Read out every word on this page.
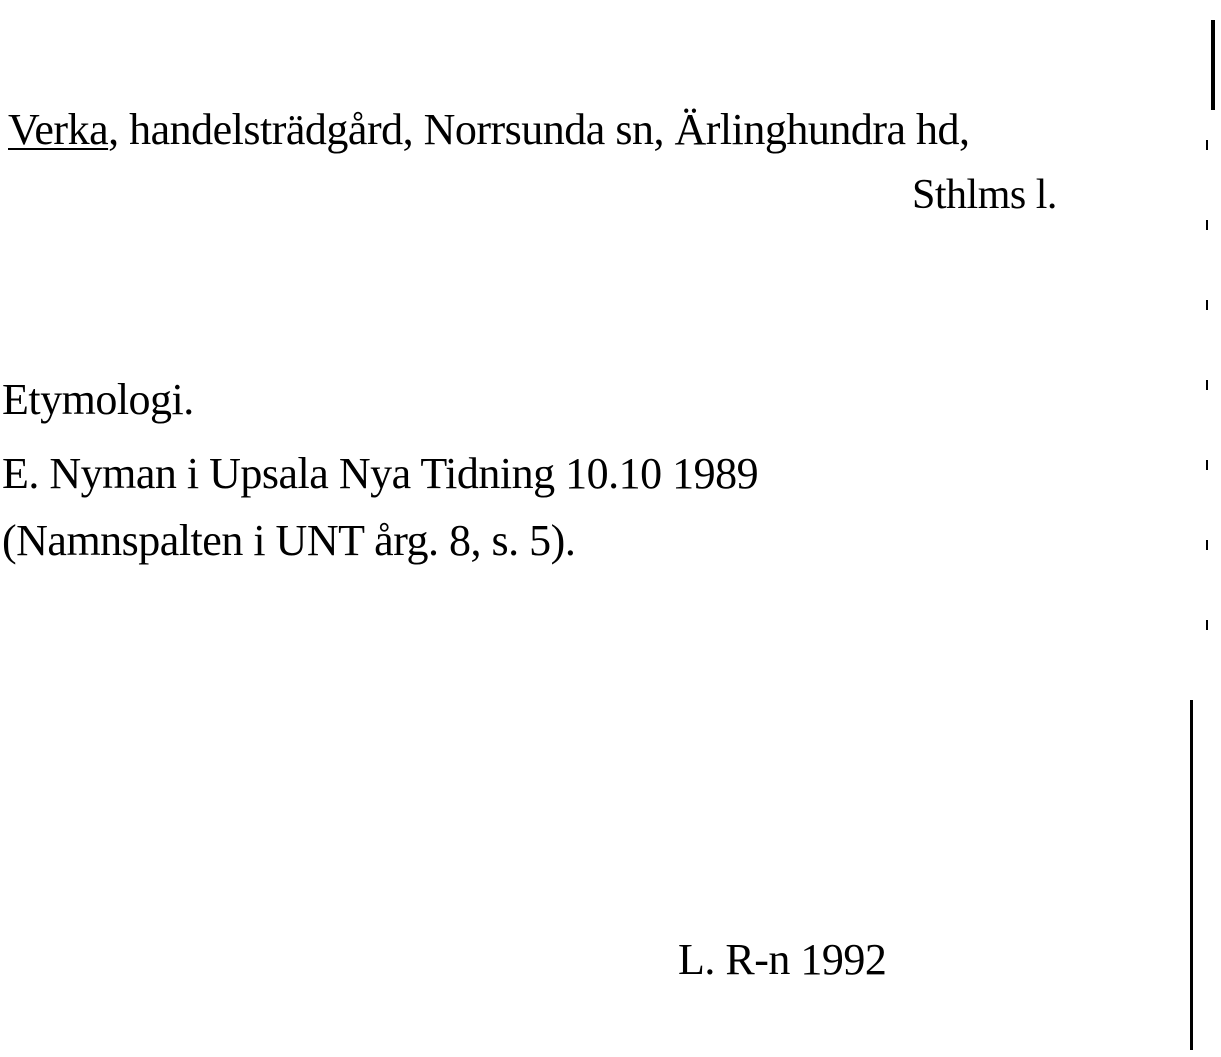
Verka, handelsträdgård, Norrsunda sn, Ärlinghundra hd,
Sthlms l.
Etymologi.
E. Nyman i Upsala Nya Tidning 10.10 1989
(Namnspalten i UNT årg. 8, s. 5).
L. R-n 1992
